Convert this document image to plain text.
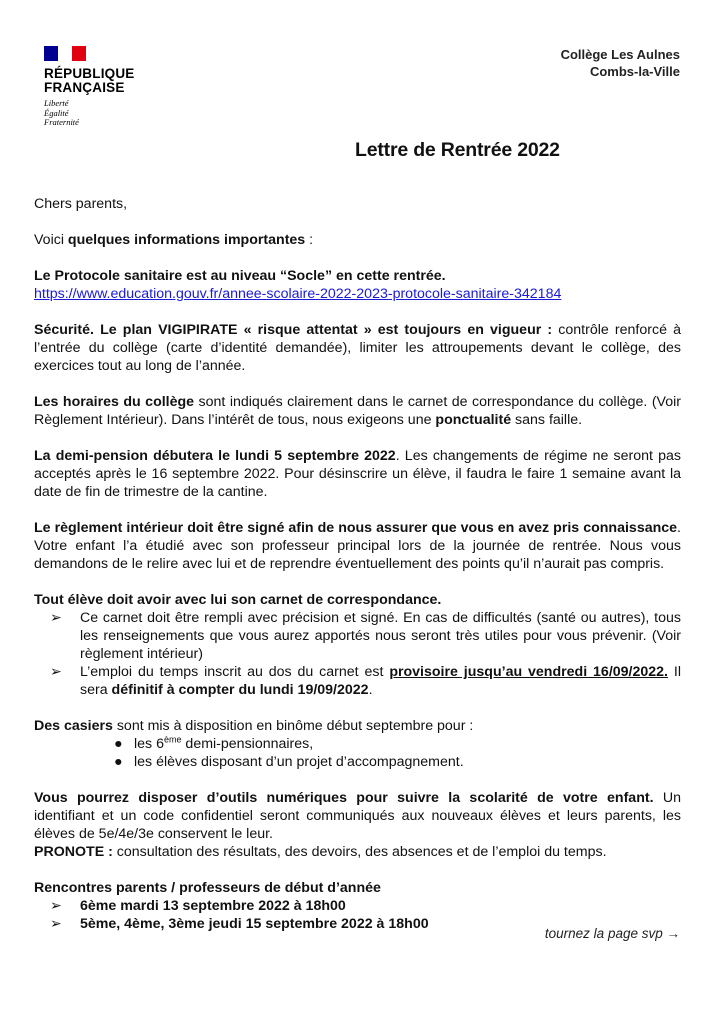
RÉPUBLIQUE
FRANÇAISE
Liberté
Égalité
Fraternité
Collège Les Aulnes
Combs-la-Ville
Lettre de Rentrée 2022

Chers parents,

Voici quelques informations importantes :

Le Protocole sanitaire est au niveau “Socle” en cette rentrée.
https://www.education.gouv.fr/annee-scolaire-2022-2023-protocole-sanitaire-342184

Sécurité. Le plan VIGIPIRATE « risque attentat » est toujours en vigueur : contrôle renforcé à l’entrée du collège (carte d’identité demandée), limiter les attroupements devant le collège, des exercices tout au long de l’année.

Les horaires du collège sont indiqués clairement dans le carnet de correspondance du collège. (Voir Règlement Intérieur). Dans l’intérêt de tous, nous exigeons une ponctualité sans faille.

La demi-pension débutera le lundi 5 septembre 2022. Les changements de régime ne seront pas acceptés après le 16 septembre 2022. Pour désinscrire un élève, il faudra le faire 1 semaine avant la date de fin de trimestre de la cantine.

Le règlement intérieur doit être signé afin de nous assurer que vous en avez pris connaissance. Votre enfant l’a étudié avec son professeur principal lors de la journée de rentrée. Nous vous demandons de le relire avec lui et de reprendre éventuellement des points qu’il n’aurait pas compris.

Tout élève doit avoir avec lui son carnet de correspondance.

➢ Ce carnet doit être rempli avec précision et signé. En cas de difficultés (santé ou autres), tous les renseignements que vous aurez apportés nous seront très utiles pour vous prévenir. (Voir règlement intérieur)
➢ L’emploi du temps inscrit au dos du carnet est provisoire jusqu’au vendredi 16/09/2022. Il sera définitif à compter du lundi 19/09/2022.

Des casiers sont mis à disposition en binôme début septembre pour :

● les 6ème demi-pensionnaires,
● les élèves disposant d’un projet d’accompagnement.

Vous pourrez disposer d’outils numériques pour suivre la scolarité de votre enfant. Un identifiant et un code confidentiel seront communiqués aux nouveaux élèves et leurs parents, les élèves de 5e/4e/3e conservent le leur.

PRONOTE : consultation des résultats, des devoirs, des absences et de l’emploi du temps.

Rencontres parents / professeurs de début d’année

➢ 6ème mardi 13 septembre 2022 à 18h00
➢ 5ème, 4ème, 3ème jeudi 15 septembre 2022 à 18h00
tournez la page svp →
